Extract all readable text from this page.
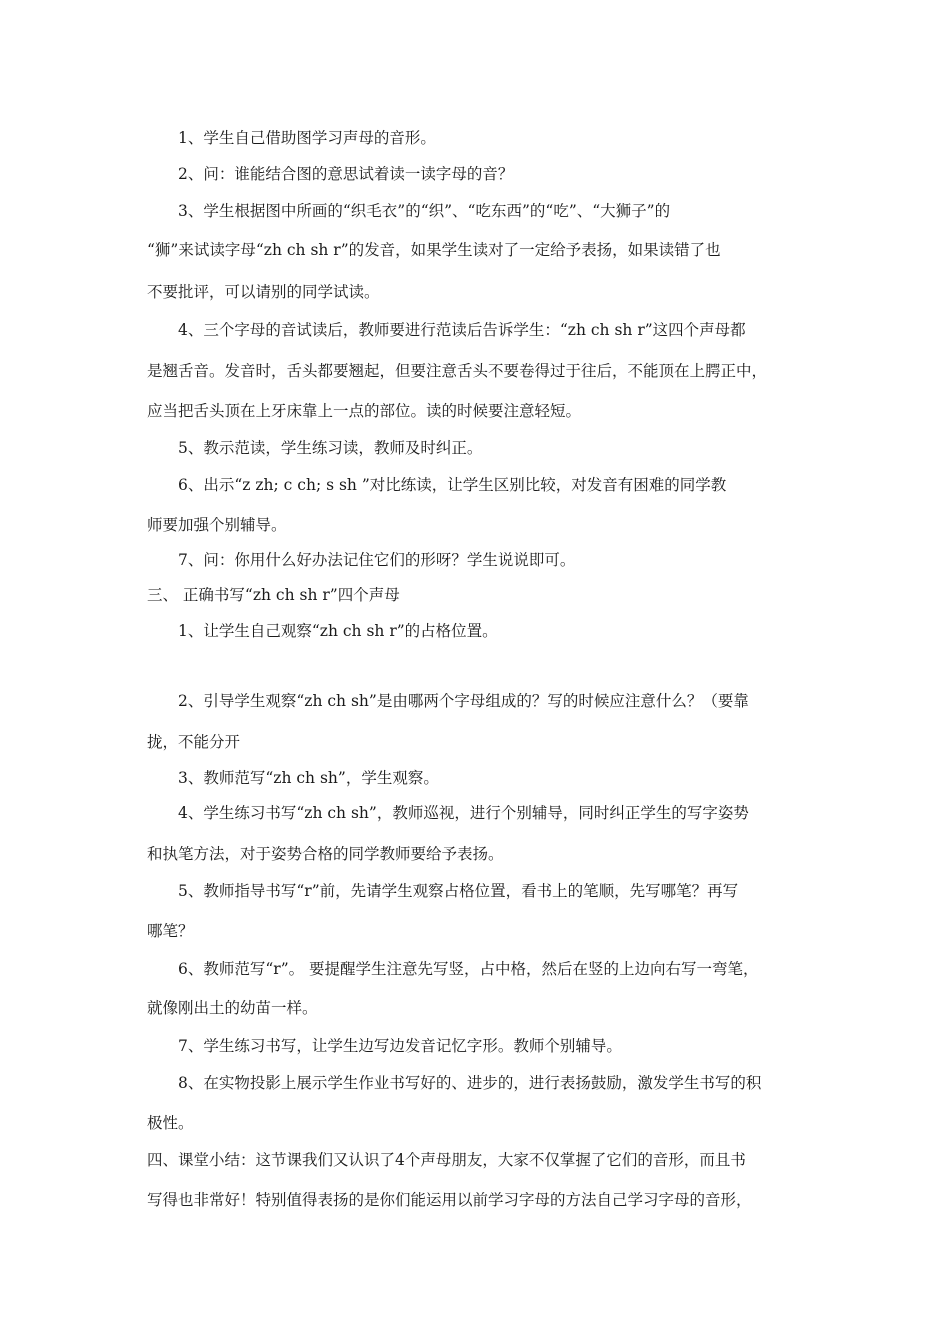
1、学生自己借助图学习声母的音形。
2、问：谁能结合图的意思试着读一读字母的音？
3、学生根据图中所画的“织毛衣”的“织”、“吃东西”的“吃”、“大狮子”的
“狮”来试读字母“zh ch sh r”的发音，如果学生读对了一定给予表扬，如果读错了也
不要批评，可以请别的同学试读。
4、三个字母的音试读后，教师要进行范读后告诉学生：“zh ch sh r”这四个声母都
是翘舌音。发音时，舌头都要翘起，但要注意舌头不要卷得过于往后，不能顶在上腭正中，
应当把舌头顶在上牙床靠上一点的部位。读的时候要注意轻短。
5、教示范读，学生练习读，教师及时纠正。
6、出示“z zh; c ch; s sh ”对比练读，让学生区别比较，对发音有困难的同学教
师要加强个别辅导。
7、问：你用什么好办法记住它们的形呀？学生说说即可。
三、 正确书写“zh ch sh r”四个声母
1、让学生自己观察“zh ch sh r”的占格位置。
2、引导学生观察“zh ch sh”是由哪两个字母组成的？写的时候应注意什么？（要靠
拢，不能分开
3、教师范写“zh ch sh”，学生观察。
4、学生练习书写“zh ch sh”，教师巡视，进行个别辅导，同时纠正学生的写字姿势
和执笔方法，对于姿势合格的同学教师要给予表扬。
5、教师指导书写“r”前，先请学生观察占格位置，看书上的笔顺，先写哪笔？再写
哪笔？
6、教师范写“r”。 要提醒学生注意先写竖，占中格，然后在竖的上边向右写一弯笔，
就像刚出土的幼苗一样。
7、学生练习书写，让学生边写边发音记忆字形。教师个别辅导。
8、在实物投影上展示学生作业书写好的、进步的，进行表扬鼓励，激发学生书写的积
极性。
四、课堂小结：这节课我们又认识了4个声母朋友，大家不仅掌握了它们的音形，而且书
写得也非常好！特别值得表扬的是你们能运用以前学习字母的方法自己学习字母的音形，
